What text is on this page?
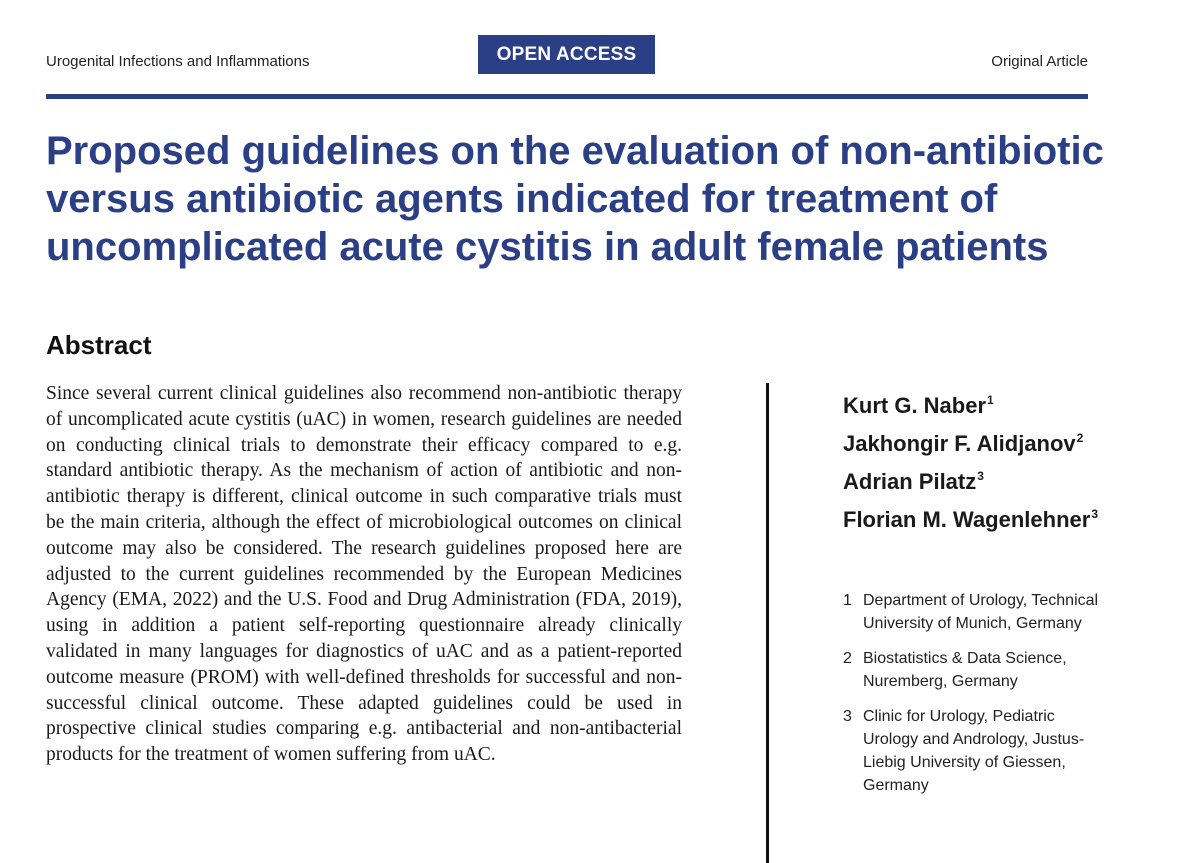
Urogenital Infections and Inflammations	OPEN ACCESS	Original Article
Proposed guidelines on the evaluation of non-antibiotic versus antibiotic agents indicated for treatment of uncomplicated acute cystitis in adult female patients
Abstract

Since several current clinical guidelines also recommend non-antibiotic therapy of uncomplicated acute cystitis (uAC) in women, research guidelines are needed on conducting clinical trials to demonstrate their efficacy compared to e.g. standard antibiotic therapy. As the mechanism of action of antibiotic and non-antibiotic therapy is different, clinical outcome in such comparative trials must be the main criteria, although the effect of microbiological outcomes on clinical outcome may also be considered. The research guidelines proposed here are adjusted to the current guidelines recommended by the European Medicines Agency (EMA, 2022) and the U.S. Food and Drug Administration (FDA, 2019), using in addition a patient self-reporting questionnaire already clinically validated in many languages for diagnostics of uAC and as a patient-reported outcome measure (PROM) with well-defined thresholds for successful and non-successful clinical outcome. These adapted guidelines could be used in prospective clinical studies comparing e.g. antibacterial and non-antibacterial products for the treatment of women suffering from uAC.

Kurt G. Naber$^1$
Jakhongir F. Alidjanov$^2$
Adrian Pilatz$^3$
Florian M. Wagenlehner$^3$
1 Department of Urology, Technical University of Munich, Germany
2 Biostatistics & Data Science, Nuremberg, Germany
3 Clinic for Urology, Pediatric Urology and Andrology, Justus-Liebig University of Giessen, Germany
